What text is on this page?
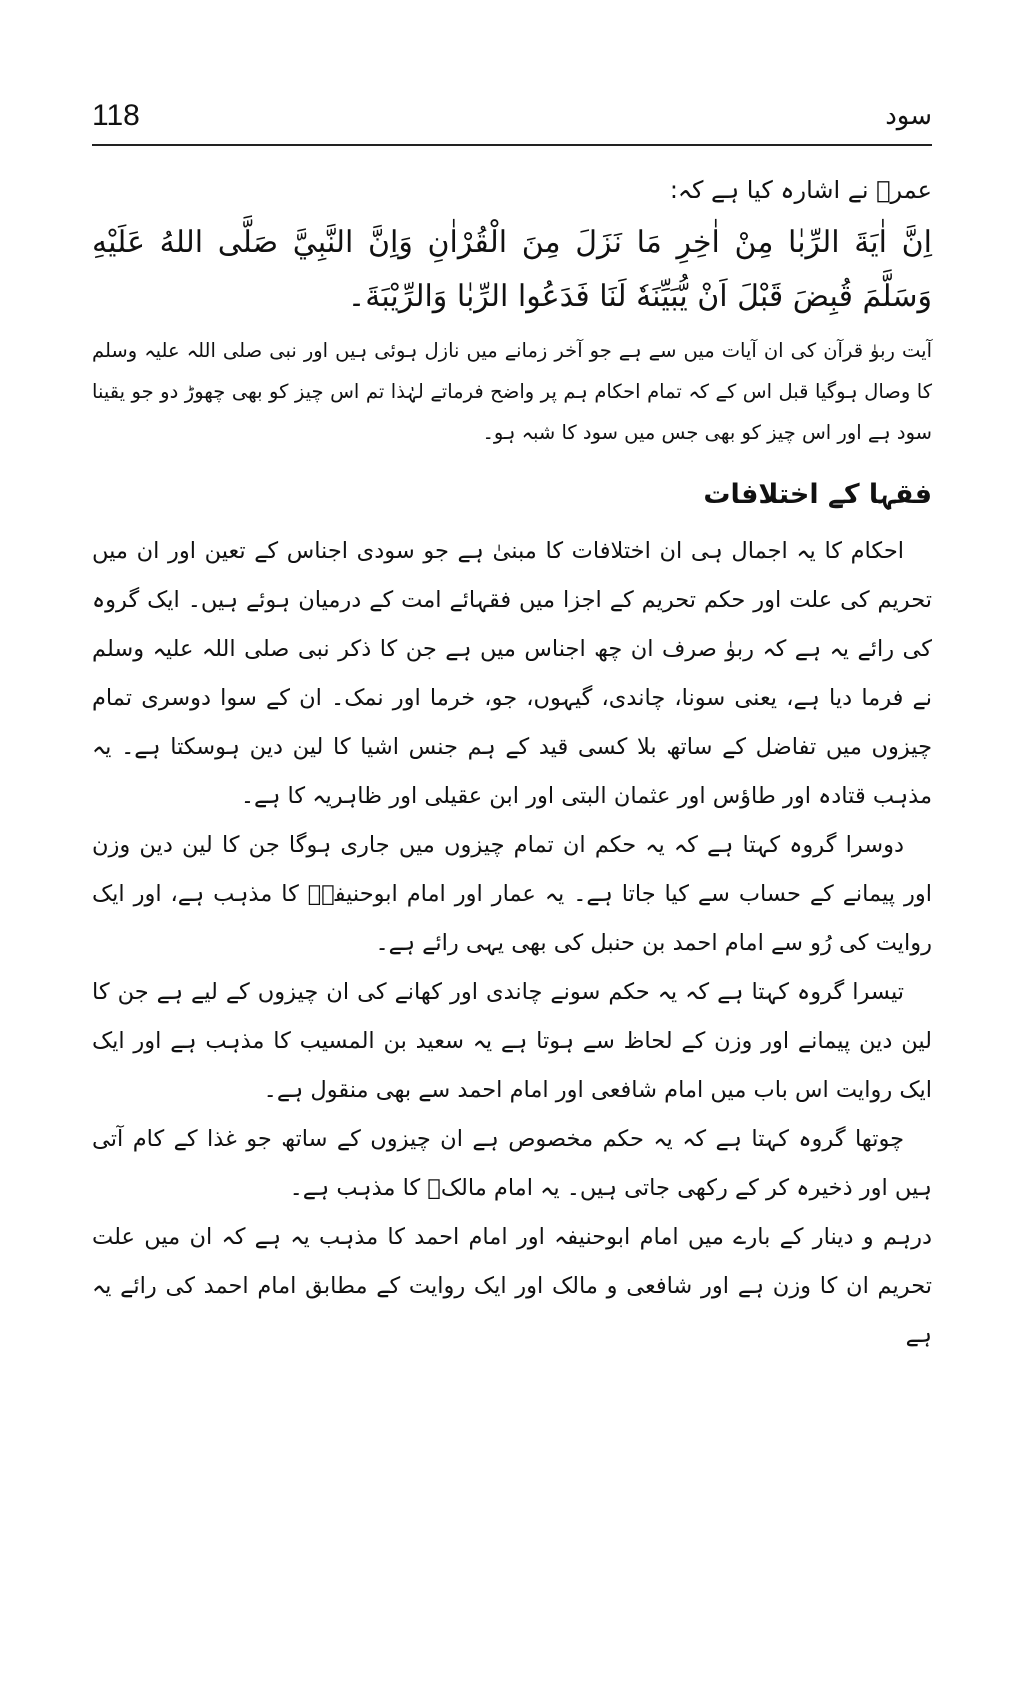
118	سود

عمرؓ نے اشارہ کیا ہے کہ:

اِنَّ اٰيَةَ الرِّبٰا مِنْ اٰخِرِ مَا نَزَلَ مِنَ الْقُرْاٰنِ وَاِنَّ النَّبِيَّ صَلَّى اللهُ عَلَيْهِ وَسَلَّمَ قُبِضَ قَبْلَ اَنْ يُّبَيِّنَهٗ لَنَا فَدَعُوا الرِّبٰا وَالرِّيْبَةَ۔

آیت ربوٰ قرآن کی ان آیات میں سے ہے جو آخر زمانے میں نازل ہوئی ہیں اور نبی صلی اللہ علیہ وسلم کا وصال ہوگیا قبل اس کے کہ تمام احکام ہم پر واضح فرماتے لہٰذا تم اس چیز کو بھی چھوڑ دو جو یقینا سود ہے اور اس چیز کو بھی جس میں سود کا شبہ ہو۔

فقہا کے اختلافات

احکام کا یہ اجمال ہی ان اختلافات کا مبنیٰ ہے جو سودی اجناس کے تعین اور ان میں تحریم کی علت اور حکم تحریم کے اجزا میں فقہائے امت کے درمیان ہوئے ہیں۔ ایک گروہ کی رائے یہ ہے کہ ربوٰ صرف ان چھ اجناس میں ہے جن کا ذکر نبی صلی اللہ علیہ وسلم نے فرما دیا ہے، یعنی سونا، چاندی، گیہوں، جو، خرما اور نمک۔ ان کے سوا دوسری تمام چیزوں میں تفاضل کے ساتھ بلا کسی قید کے ہم جنس اشیا کا لین دین ہوسکتا ہے۔ یہ مذہب قتادہ اور طاؤس اور عثمان البتی اور ابن عقیلی اور ظاہریہ کا ہے۔

دوسرا گروہ کہتا ہے کہ یہ حکم ان تمام چیزوں میں جاری ہوگا جن کا لین دین وزن اور پیمانے کے حساب سے کیا جاتا ہے۔ یہ عمار اور امام ابوحنیفہؒ کا مذہب ہے، اور ایک روایت کی رُو سے امام احمد بن حنبل کی بھی یہی رائے ہے۔

تیسرا گروہ کہتا ہے کہ یہ حکم سونے چاندی اور کھانے کی ان چیزوں کے لیے ہے جن کا لین دین پیمانے اور وزن کے لحاظ سے ہوتا ہے یہ سعید بن المسیب کا مذہب ہے اور ایک ایک روایت اس باب میں امام شافعی اور امام احمد سے بھی منقول ہے۔

چوتھا گروہ کہتا ہے کہ یہ حکم مخصوص ہے ان چیزوں کے ساتھ جو غذا کے کام آتی ہیں اور ذخیرہ کر کے رکھی جاتی ہیں۔ یہ امام مالکؒ کا مذہب ہے۔

درہم و دینار کے بارے میں امام ابوحنیفہ اور امام احمد کا مذہب یہ ہے کہ ان میں علت تحریم ان کا وزن ہے اور شافعی و مالک اور ایک روایت کے مطابق امام احمد کی رائے یہ ہے
